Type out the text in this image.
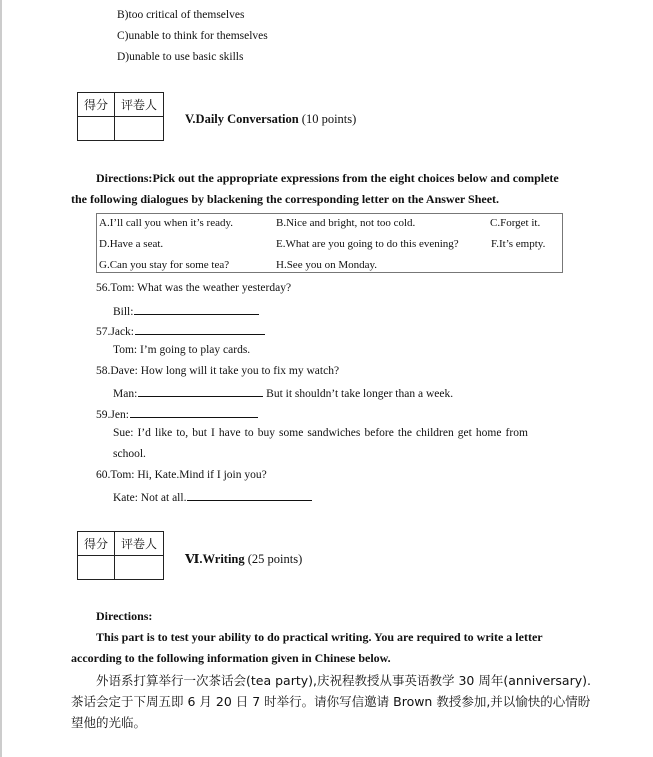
B)too critical of themselves
C)unable to think for themselves
D)unable to use basic skills
得分	评卷人

V.Daily Conversation (10 points)
Directions:Pick out the appropriate expressions from the eight choices below and complete
the following dialogues by blackening the corresponding letter on the Answer Sheet.
A.I’ll call you when it’s ready.	B.Nice and bright, not too cold.	C.Forget it.
D.Have a seat.	E.What are you going to do this evening?	F.It’s empty.
G.Can you stay for some tea?	H.See you on Monday.
56.Tom: What was the weather yesterday?
Bill:
57.Jack:
Tom: I’m going to play cards.
58.Dave: How long will it take you to fix my watch?
Man:	But it shouldn’t take longer than a week.
59.Jen:
Sue: I’d like to, but I have to buy some sandwiches before the children get home from
school.
60.Tom: Hi, Kate.Mind if I join you?
Kate: Not at all.
得分	评卷人

Ⅵ.Writing (25 points)
Directions:
This part is to test your ability to do practical writing. You are required to write a letter
according to the following information given in Chinese below.
外语系打算举行一次茶话会(tea party),庆祝程教授从事英语教学 30 周年(anniversary).
茶话会定于下周五即 6 月 20 日 7 时举行。请你写信邀请 Brown 教授参加,并以愉快的心情盼
望他的光临。
